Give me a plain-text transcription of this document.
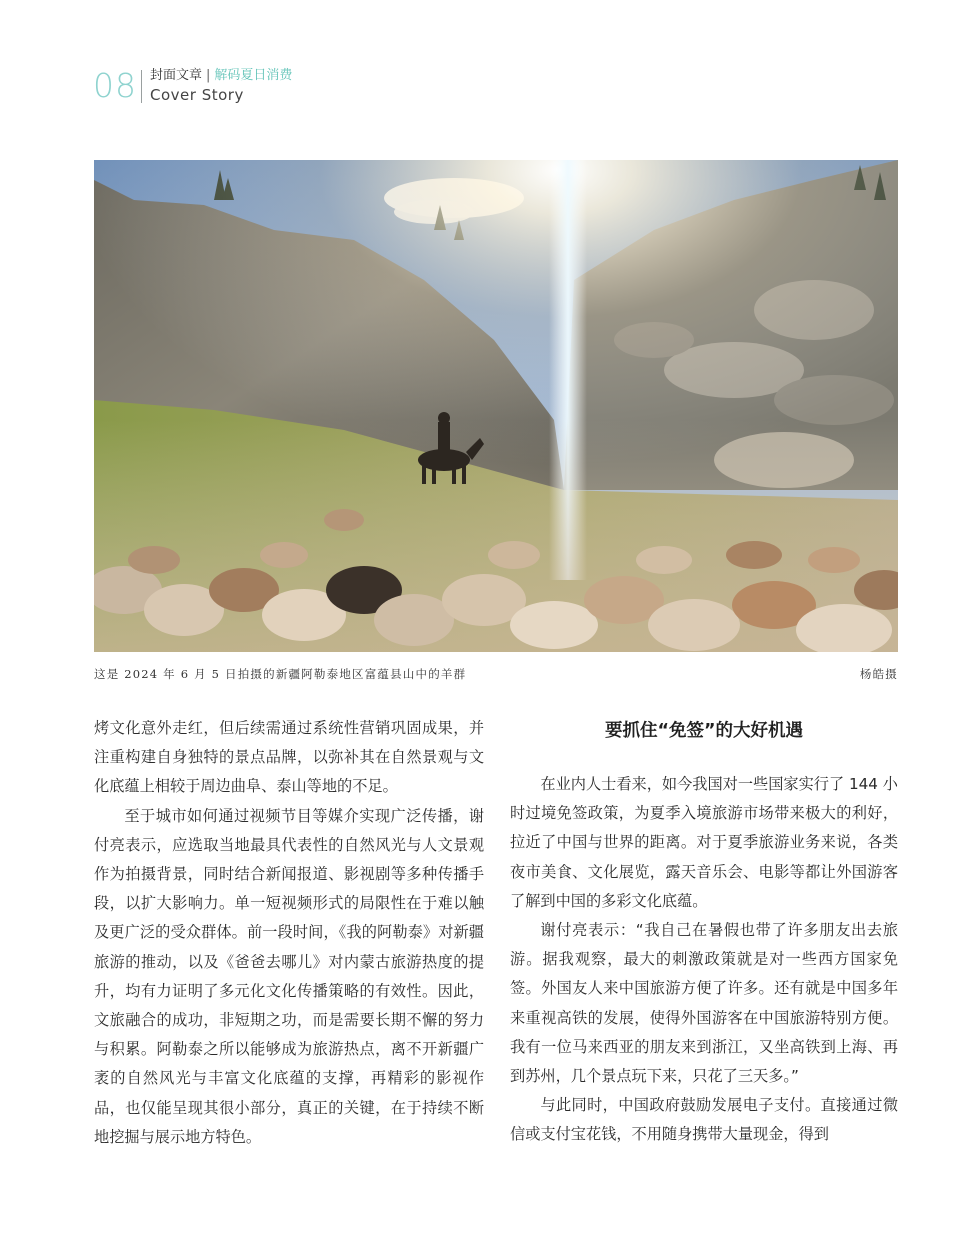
08 封面文章 | 解码夏日消费
Cover Story
这是 2024 年 6 月 5 日拍摄的新疆阿勒泰地区富蕴县山中的羊群	杨皓摄

烤文化意外走红，但后续需通过系统性营销巩固成果，并注重构建自身独特的景点品牌，以弥补其在自然景观与文化底蕴上相较于周边曲阜、泰山等地的不足。

至于城市如何通过视频节目等媒介实现广泛传播，谢付亮表示，应选取当地最具代表性的自然风光与人文景观作为拍摄背景，同时结合新闻报道、影视剧等多种传播手段，以扩大影响力。单一短视频形式的局限性在于难以触及更广泛的受众群体。前一段时间，《我的阿勒泰》对新疆旅游的推动，以及《爸爸去哪儿》对内蒙古旅游热度的提升，均有力证明了多元化文化传播策略的有效性。因此，文旅融合的成功，非短期之功，而是需要长期不懈的努力与积累。阿勒泰之所以能够成为旅游热点，离不开新疆广袤的自然风光与丰富文化底蕴的支撑，再精彩的影视作品，也仅能呈现其很小部分，真正的关键，在于持续不断地挖掘与展示地方特色。

要抓住“免签”的大好机遇

在业内人士看来，如今我国对一些国家实行了 144 小时过境免签政策，为夏季入境旅游市场带来极大的利好，拉近了中国与世界的距离。对于夏季旅游业务来说，各类夜市美食、文化展览，露天音乐会、电影等都让外国游客了解到中国的多彩文化底蕴。

谢付亮表示：“我自己在暑假也带了许多朋友出去旅游。据我观察，最大的刺激政策就是对一些西方国家免签。外国友人来中国旅游方便了许多。还有就是中国多年来重视高铁的发展，使得外国游客在中国旅游特别方便。我有一位马来西亚的朋友来到浙江，又坐高铁到上海、再到苏州，几个景点玩下来，只花了三天多。”

与此同时，中国政府鼓励发展电子支付。直接通过微信或支付宝花钱，不用随身携带大量现金，得到
